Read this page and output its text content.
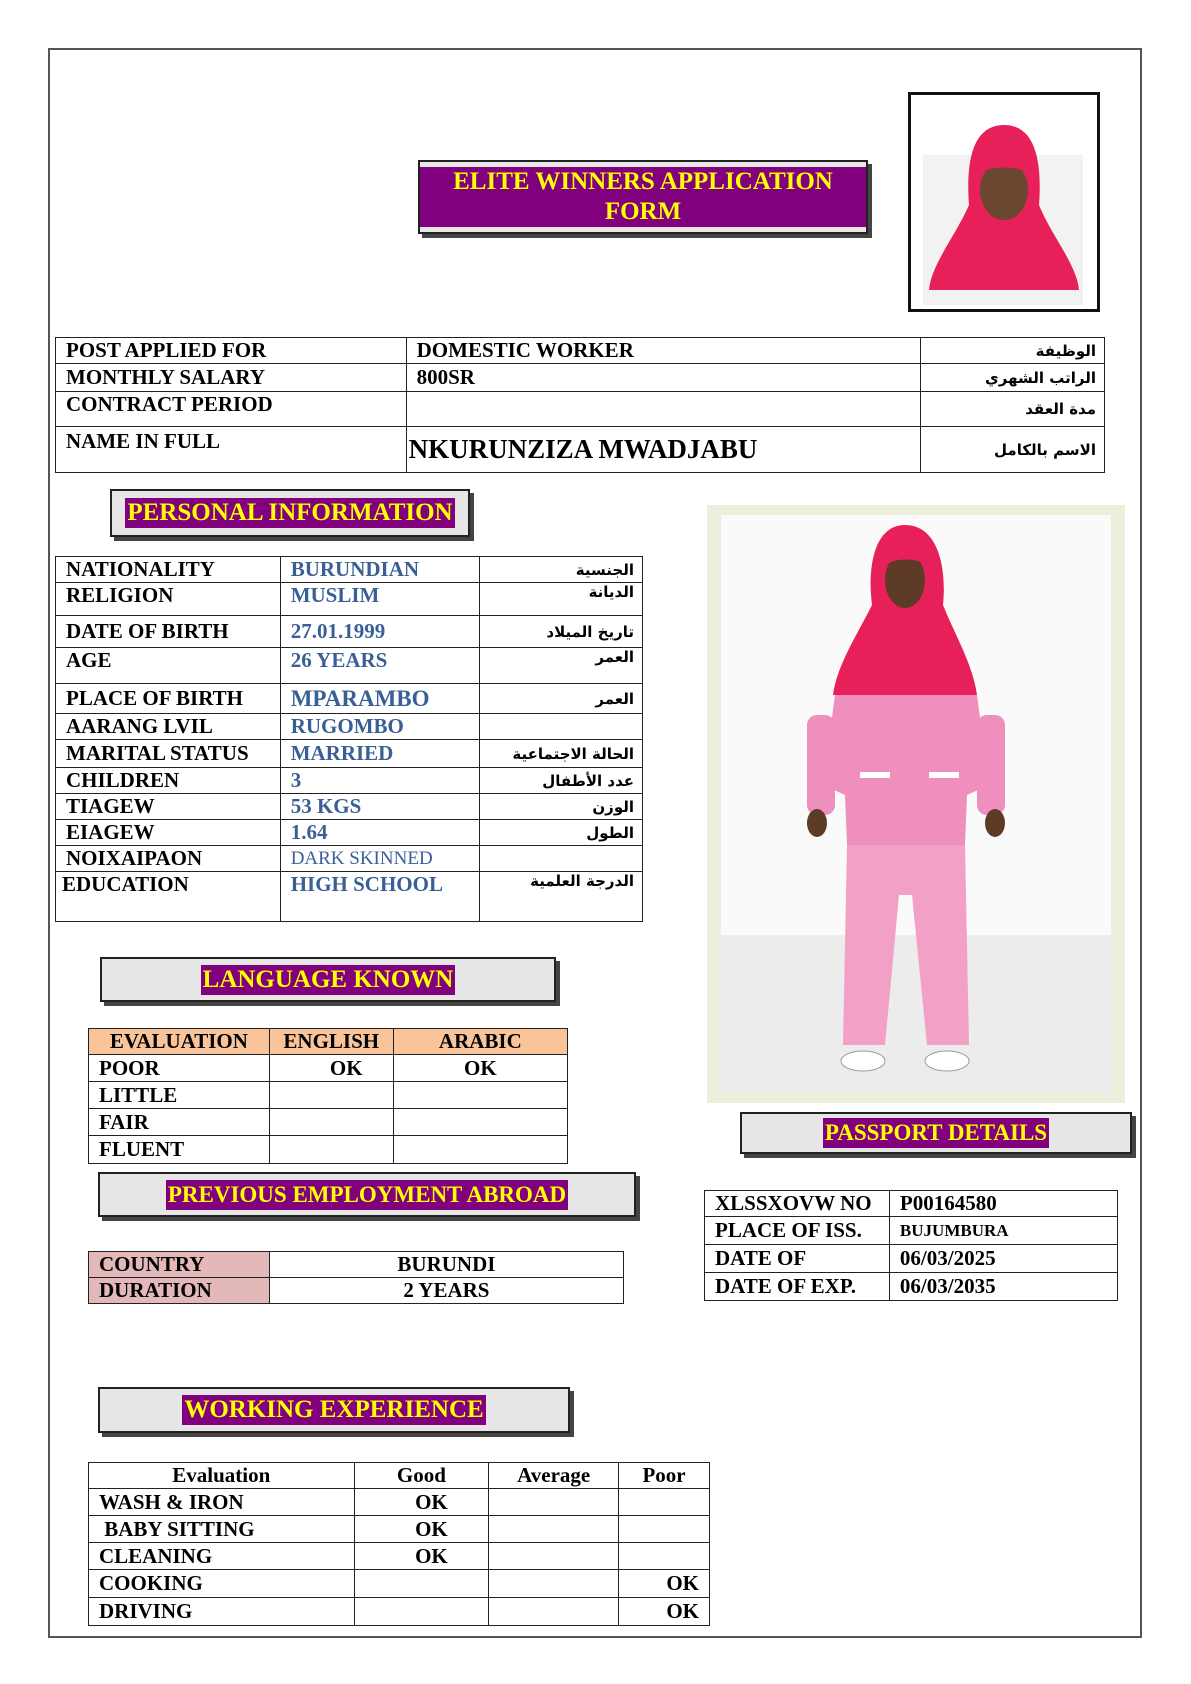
ELITE WINNERS APPLICATION FORM
POST APPLIED FOR	DOMESTIC WORKER	الوظيفة
MONTHLY SALARY	800SR	الراتب الشهري
CONTRACT PERIOD		مدة العقد
NAME IN FULL	NKURUNZIZA MWADJABU	الاسم بالكامل
PERSONAL INFORMATION
NATIONALITY	BURUNDIAN	الجنسية
RELIGION	MUSLIM	الديانة
DATE OF BIRTH	27.01.1999	تاريخ الميلاد
AGE	26 YEARS	العمر
PLACE OF BIRTH	MPARAMBO	العمر
AARANG LVIL	RUGOMBO	
MARITAL STATUS	MARRIED	الحالة الاجتماعية
CHILDREN	3	عدد الأطفال
TIAGEW	53 KGS	الوزن
EIAGEW	1.64	الطول
NOIXAIPAON	DARK SKINNED	
EDUCATION	HIGH SCHOOL	الدرجة العلمية
LANGUAGE KNOWN
EVALUATION	ENGLISH	ARABIC
POOR	OK	OK
LITTLE		
FAIR		
FLUENT		
PREVIOUS EMPLOYMENT ABROAD
COUNTRY	BURUNDI
DURATION	2 YEARS
PASSPORT DETAILS
XLSSXOVW NO	P00164580
PLACE OF ISS.	BUJUMBURA
DATE OF	06/03/2025
DATE OF EXP.	06/03/2035
WORKING EXPERIENCE
Evaluation	Good	Average	Poor
WASH & IRON	OK		
BABY SITTING	OK		
CLEANING	OK		
COOKING			OK
DRIVING			OK
